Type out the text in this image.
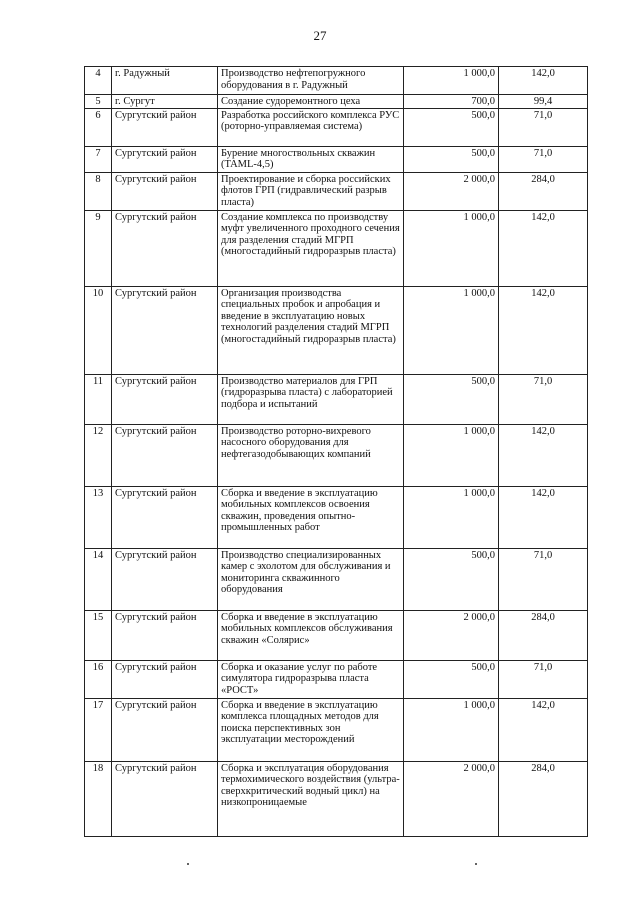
27
4	г. Радужный	Производство нефтепогружного оборудования в г. Радужный	1 000,0	142,0
5	г. Сургут	Создание судоремонтного цеха	700,0	99,4
6	Сургутский район	Разработка российского комплекса РУС (роторно-управляемая система)	500,0	71,0
7	Сургутский район	Бурение многоствольных скважин (TAML-4,5)	500,0	71,0
8	Сургутский район	Проектирование и сборка российских флотов ГРП (гидравлический разрыв пласта)	2 000,0	284,0
9	Сургутский район	Создание комплекса по производству муфт увеличенного проходного сечения для разделения стадий МГРП (многостадийный гидроразрыв пласта)	1 000,0	142,0
10	Сургутский район	Организация производства специальных пробок и апробация и введение в эксплуатацию новых технологий разделения стадий МГРП (многостадийный гидроразрыв пласта)	1 000,0	142,0
11	Сургутский район	Производство материалов для ГРП (гидроразрыва пласта) с лабораторией подбора и испытаний	500,0	71,0
12	Сургутский район	Производство роторно-вихревого насосного оборудования для нефтегазодобывающих компаний	1 000,0	142,0
13	Сургутский район	Сборка и введение в эксплуатацию мобильных комплексов освоения скважин, проведения опытно-промышленных работ	1 000,0	142,0
14	Сургутский район	Производство специализированных камер с эхолотом для обслуживания и мониторинга скважинного оборудования	500,0	71,0
15	Сургутский район	Сборка и введение в эксплуатацию мобильных комплексов обслуживания скважин «Солярис»	2 000,0	284,0
16	Сургутский район	Сборка и оказание услуг по работе симулятора гидроразрыва пласта «РОСТ»	500,0	71,0
17	Сургутский район	Сборка и введение в эксплуатацию комплекса площадных методов для поиска перспективных зон эксплуатации месторождений	1 000,0	142,0
18	Сургутский район	Сборка и эксплуатация оборудования термохимического воздействия (ультра-сверхкритический водный цикл) на низкопроницаемые	2 000,0	284,0
